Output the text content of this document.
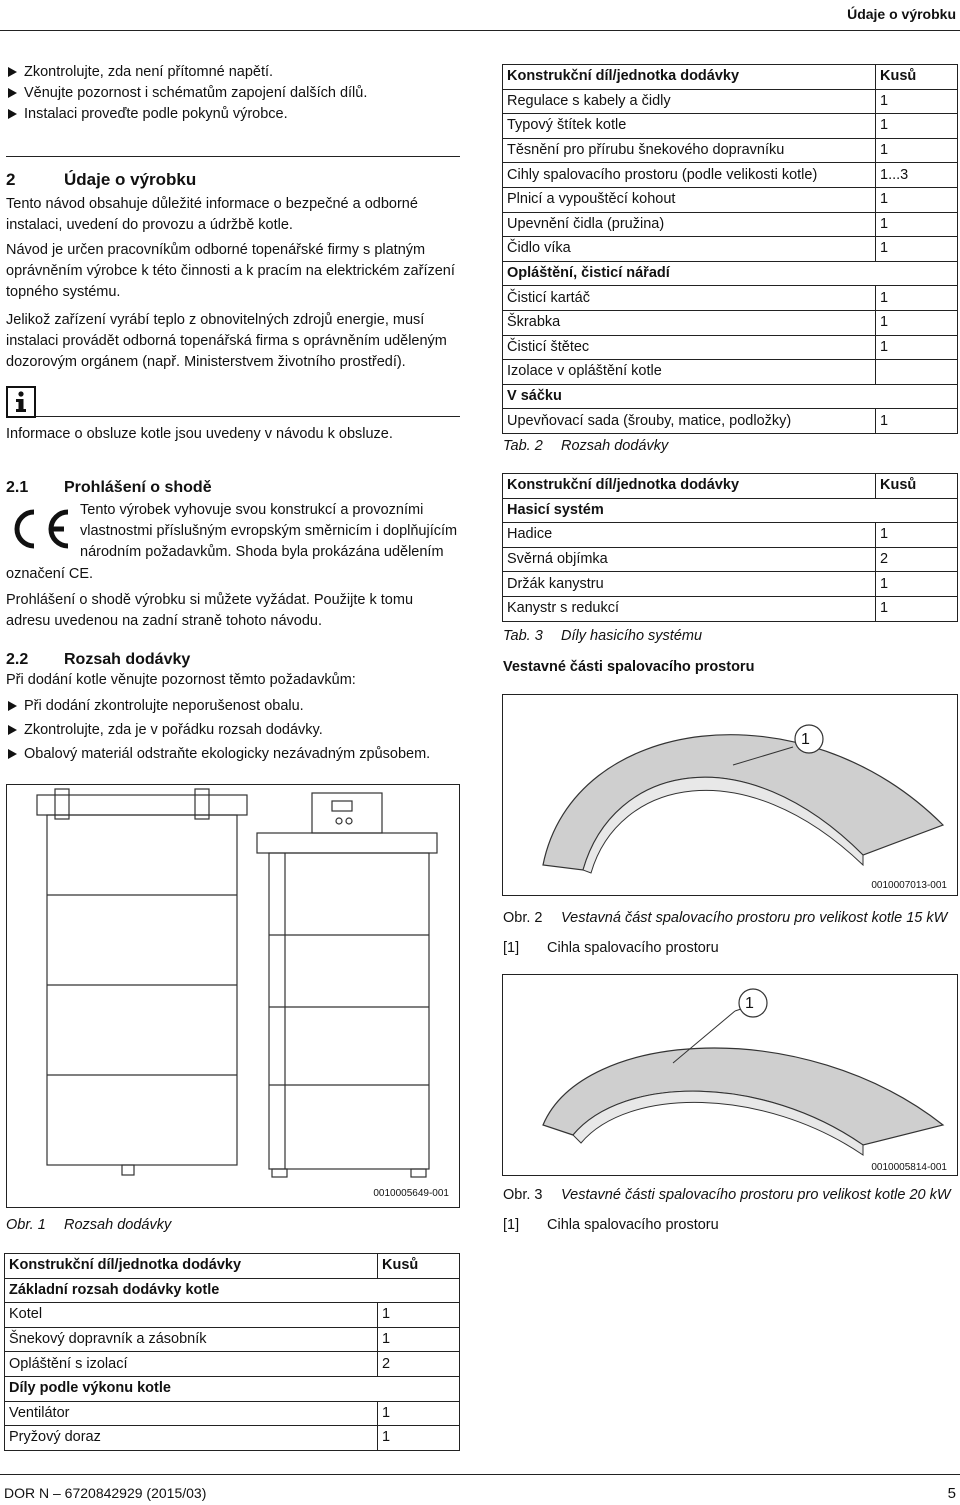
Údaje o výrobku
DOR N – 6720842929 (2015/03)	5
Zkontrolujte, zda není přítomné napětí.
Věnujte pozornost i schématům zapojení dalších dílů.
Instalaci proveďte podle pokynů výrobce.
2	Údaje o výrobku
Tento návod obsahuje důležité informace o bezpečné a odborné instalaci, uvedení do provozu a údržbě kotle.
Návod je určen pracovníkům odborné topenářské firmy s platným oprávněním výrobce k této činnosti a k pracím na elektrickém zařízení topného systému.
Jelikož zařízení vyrábí teplo z obnovitelných zdrojů energie, musí instalaci provádět odborná topenářská firma s oprávněním uděleným dozorovým orgánem (např. Ministerstvem životního prostředí).
Informace o obsluze kotle jsou uvedeny v návodu k obsluze.
2.1 Prohlášení o shodě
Tento výrobek vyhovuje svou konstrukcí a provozními vlastnostmi příslušným evropským směrnicím i doplňujícím národním požadavkům. Shoda byla prokázána udělením
označení CE.
Prohlášení o shodě výrobku si můžete vyžádat. Použijte k tomu adresu uvedenou na zadní straně tohoto návodu.
2.2 Rozsah dodávky
Při dodání kotle věnujte pozornost těmto požadavkům:
Při dodání zkontrolujte neporušenost obalu.
Zkontrolujte, zda je v pořádku rozsah dodávky.
Obalový materiál odstraňte ekologicky nezávadným způsobem.
0010005649-001
Obr. 1 Rozsah dodávky
Konstrukční díl/jednotka dodávky	Kusů
Základní rozsah dodávky kotle	
Kotel	1
Šnekový dopravník a zásobník	1
Opláštění s izolací	2
Díly podle výkonu kotle	
Ventilátor	1
Pryžový doraz	1
Konstrukční díl/jednotka dodávky	Kusů
Regulace s kabely a čidly	1
Typový štítek kotle	1
Těsnění pro přírubu šnekového dopravníku	1
Cihly spalovacího prostoru (podle velikosti kotle)	1...3
Plnicí a vypouštěcí kohout	1
Upevnění čidla (pružina)	1
Čidlo víka	1
Opláštění, čisticí nářadí	
Čisticí kartáč	1
Škrabka	1
Čisticí štětec	1
Izolace v opláštění kotle	
V sáčku	
Upevňovací sada (šrouby, matice, podložky)	1
Tab. 2 Rozsah dodávky
Konstrukční díl/jednotka dodávky	Kusů
Hasicí systém	
Hadice	1
Svěrná objímka	2
Držák kanystru	1
Kanystr s redukcí	1
Tab. 3 Díly hasicího systému
Vestavné části spalovacího prostoru
1
0010007013-001
Obr. 2 Vestavná část spalovacího prostoru pro velikost kotle 15 kW
[1] Cihla spalovacího prostoru
1
0010005814-001
Obr. 3 Vestavné části spalovacího prostoru pro velikost kotle 20 kW
[1] Cihla spalovacího prostoru
